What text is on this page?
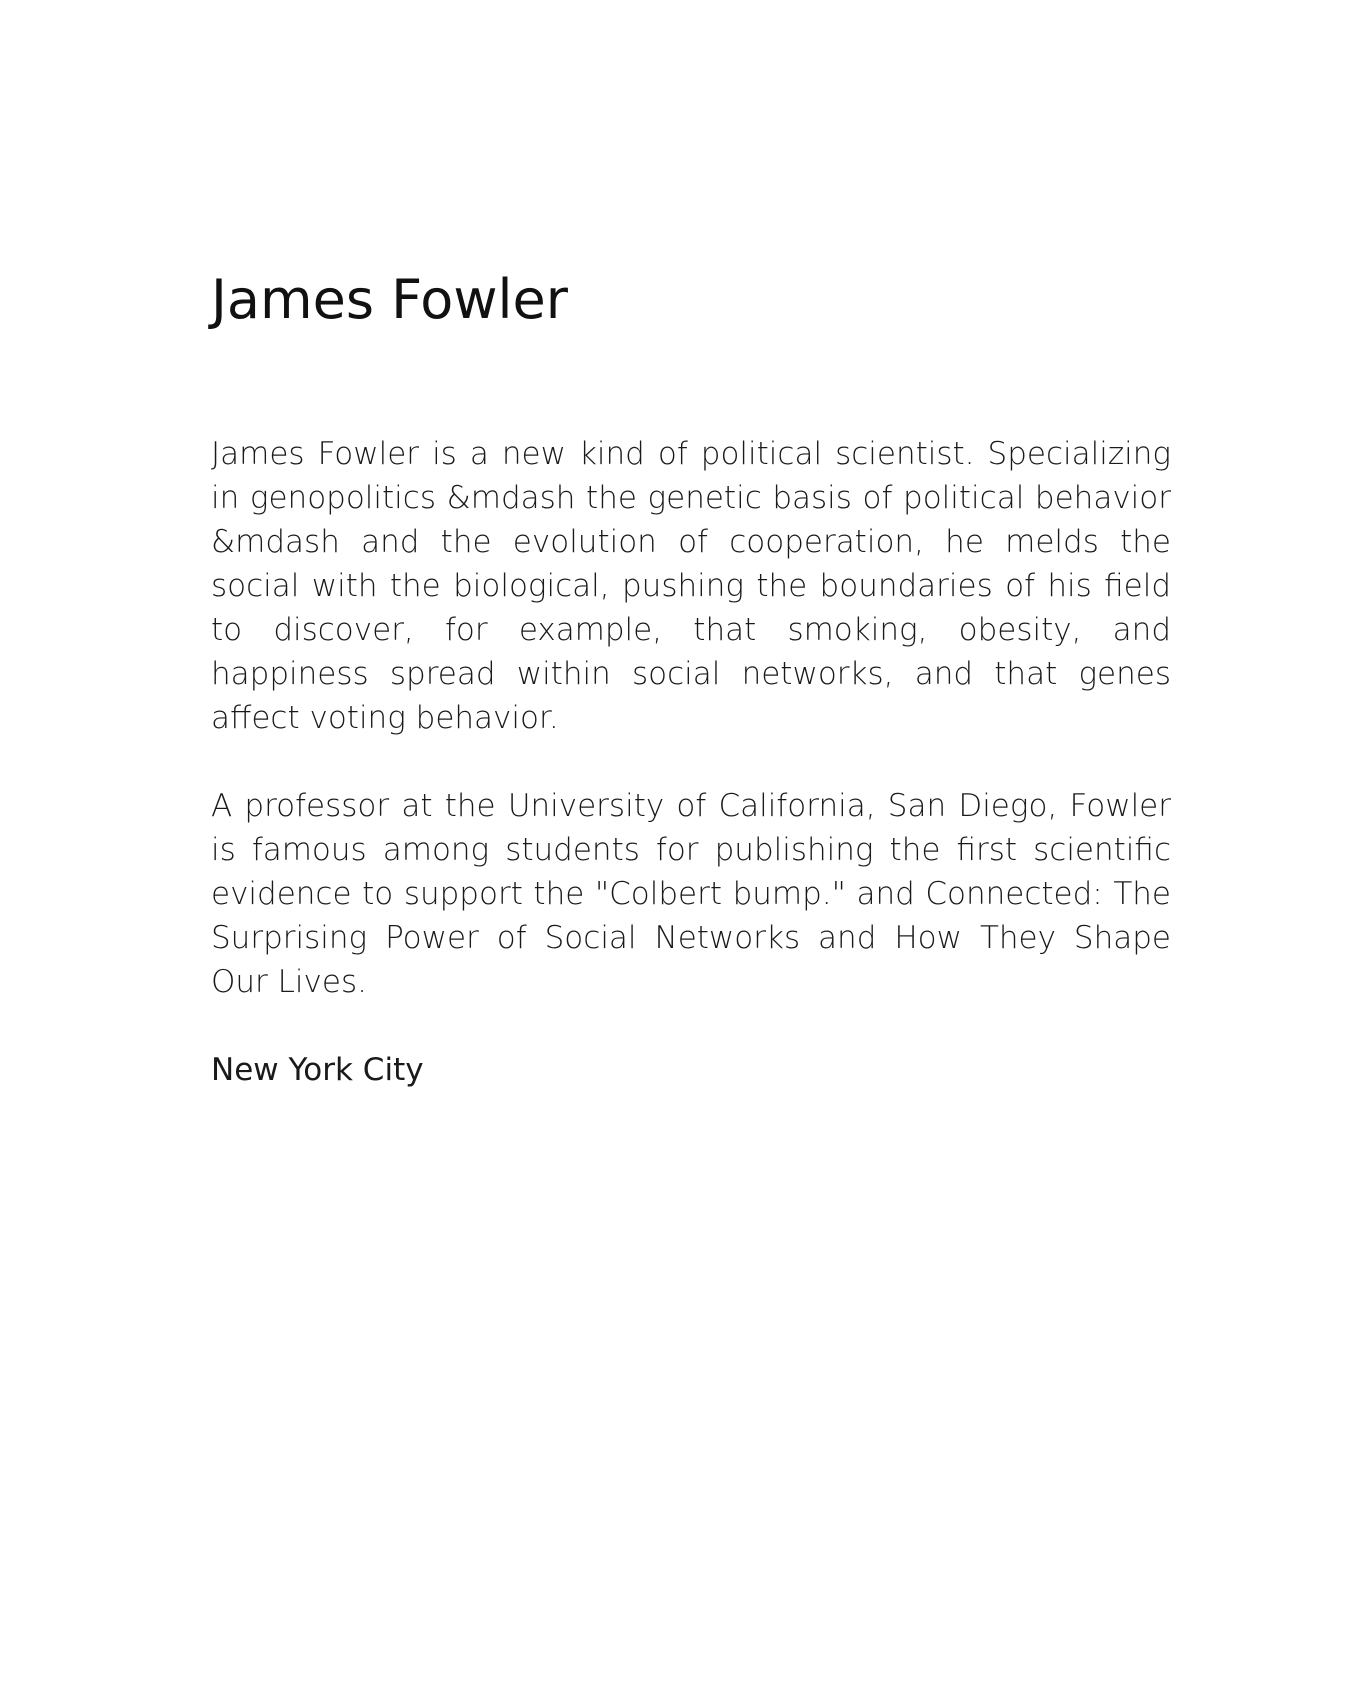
James Fowler

James Fowler is a new kind of political scientist. Specializing in genopolitics &mdash the genetic basis of political behavior &mdash and the evolution of cooperation, he melds the social with the biological, pushing the boundaries of his field to discover, for example, that smoking, obesity, and happiness spread within social networks, and that genes affect voting behavior.

A professor at the University of California, San Diego, Fowler is famous among students for publishing the first scientific evidence to support the "Colbert bump." and Connected: The Surprising Power of Social Networks and How They Shape Our Lives.

New York City
